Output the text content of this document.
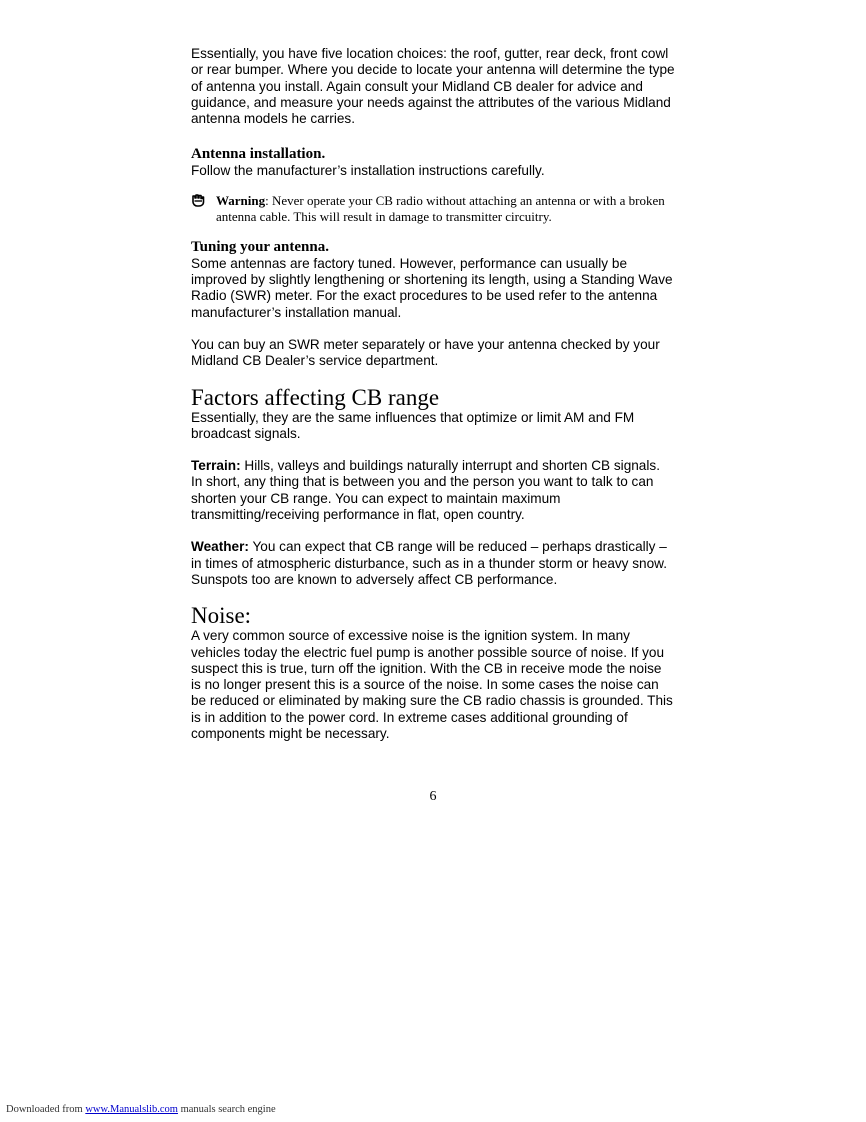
Essentially, you have five location choices: the roof, gutter, rear deck, front cowl or rear bumper. Where you decide to locate your antenna will determine the type of antenna you install. Again consult your Midland CB dealer for advice and guidance, and measure your needs against the attributes of the various Midland antenna models he carries.

Antenna installation.

Follow the manufacturer’s installation instructions carefully.

Warning: Never operate your CB radio without attaching an antenna or with a broken antenna cable. This will result in damage to transmitter circuitry.
Tuning your antenna.

Some antennas are factory tuned. However, performance can usually be improved by slightly lengthening or shortening its length, using a Standing Wave Radio (SWR) meter. For the exact procedures to be used refer to the antenna manufacturer’s installation manual.

You can buy an SWR meter separately or have your antenna checked by your Midland CB Dealer’s service department.

Factors affecting CB range

Essentially, they are the same influences that optimize or limit AM and FM broadcast signals.

Terrain: Hills, valleys and buildings naturally interrupt and shorten CB signals. In short, any thing that is between you and the person you want to talk to can shorten your CB range. You can expect to maintain maximum transmitting/receiving performance in flat, open country.

Weather: You can expect that CB range will be reduced – perhaps drastically – in times of atmospheric disturbance, such as in a thunder storm or heavy snow. Sunspots too are known to adversely affect CB performance.

Noise:

A very common source of excessive noise is the ignition system. In many vehicles today the electric fuel pump is another possible source of noise. If you suspect this is true, turn off the ignition. With the CB in receive mode the noise is no longer present this is a source of the noise. In some cases the noise can be reduced or eliminated by making sure the CB radio chassis is grounded. This is in addition to the power cord. In extreme cases additional grounding of components might be necessary.

6
Downloaded from www.Manualslib.com manuals search engine
